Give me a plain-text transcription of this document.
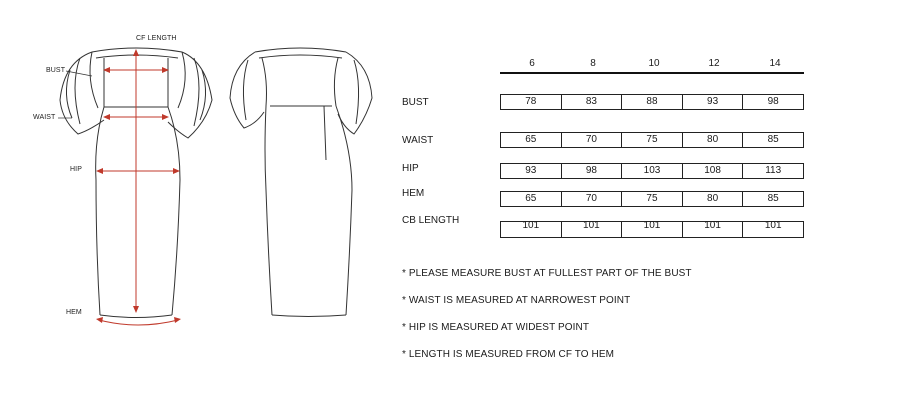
CF LENGTH
BUST
WAIST
HIP
HEM
6	8	10	12	14
BUST	78	83	88	93	98
WAIST	65	70	75	80	85
HIP	93	98	103	108	113
HEM	65	70	75	80	85
CB LENGTH	101	101	101	101	101
* PLEASE MEASURE BUST AT FULLEST PART OF THE BUST
* WAIST IS MEASURED AT NARROWEST POINT
* HIP IS MEASURED AT WIDEST POINT
* LENGTH IS MEASURED FROM CF TO HEM
